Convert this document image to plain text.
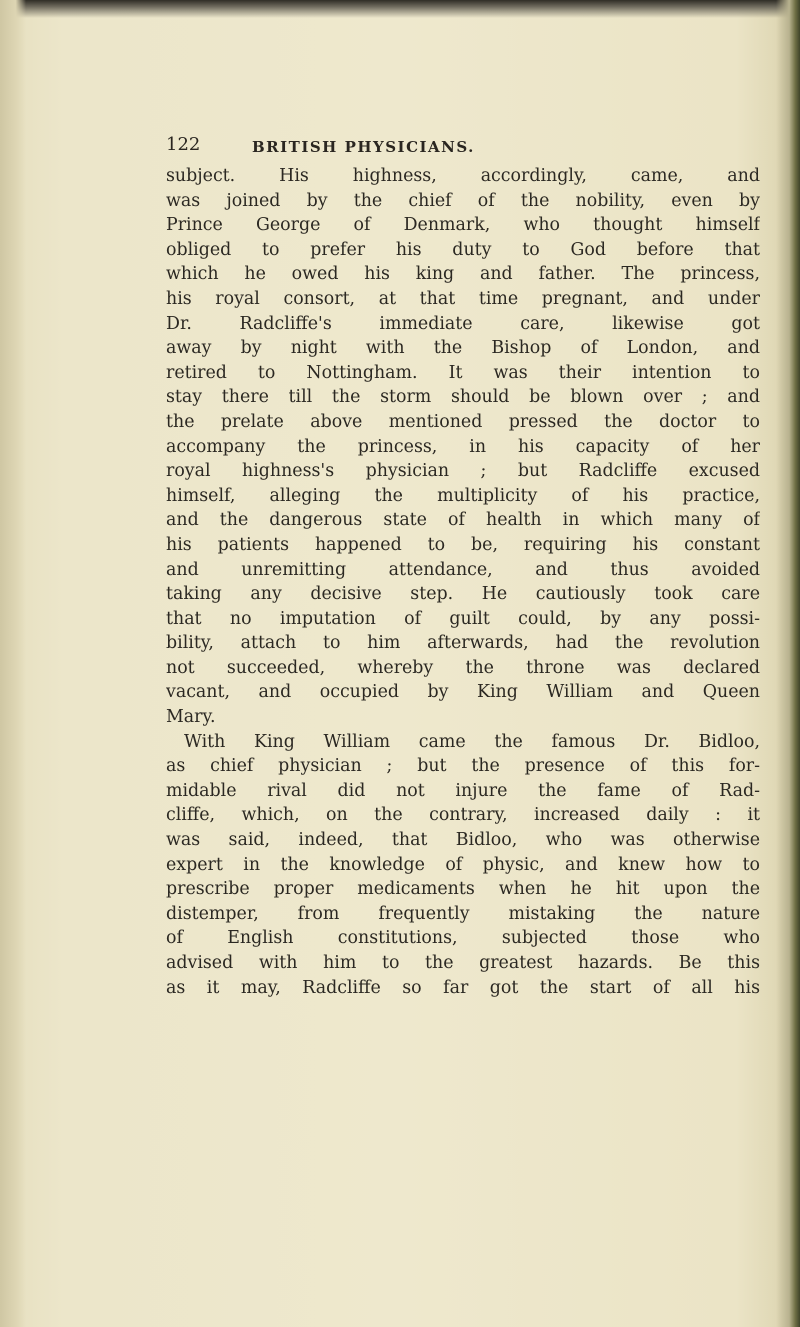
122	BRITISH PHYSICIANS.
subject. His highness, accordingly, came, and
was joined by the chief of the nobility, even by
Prince George of Denmark, who thought himself
obliged to prefer his duty to God before that
which he owed his king and father. The princess,
his royal consort, at that time pregnant, and under
Dr. Radcliffe's immediate care, likewise got
away by night with the Bishop of London, and
retired to Nottingham. It was their intention to
stay there till the storm should be blown over ; and
the prelate above mentioned pressed the doctor to
accompany the princess, in his capacity of her
royal highness's physician ; but Radcliffe excused
himself, alleging the multiplicity of his practice,
and the dangerous state of health in which many of
his patients happened to be, requiring his constant
and unremitting attendance, and thus avoided
taking any decisive step. He cautiously took care
that no imputation of guilt could, by any possi-
bility, attach to him afterwards, had the revolution
not succeeded, whereby the throne was declared
vacant, and occupied by King William and Queen
Mary.
With King William came the famous Dr. Bidloo,
as chief physician ; but the presence of this for-
midable rival did not injure the fame of Rad-
cliffe, which, on the contrary, increased daily : it
was said, indeed, that Bidloo, who was otherwise
expert in the knowledge of physic, and knew how to
prescribe proper medicaments when he hit upon the
distemper, from frequently mistaking the nature
of English constitutions, subjected those who
advised with him to the greatest hazards. Be this
as it may, Radcliffe so far got the start of all his
